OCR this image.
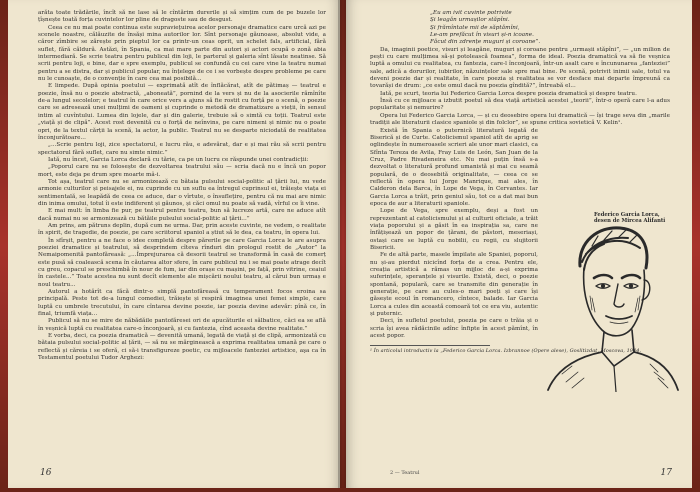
arăta toate trădările, încît să ne lase să le cîntărim durerile și să simțim cum de pe buzele lor țîșnește toată forța cuvintelor lor pline de dragoste sau de desgust.

Ceea ce nu mai poate continua este supraviețuirea acelor personaje dramatice care urcă azi pe scenele noastre, călăuzite de însăși mina autorilor lor. Sînt personaje găunoase, absolut vide, a căror zîmbire se zărește prin pieptul lor ca printr-un ceas oprit, un schelet fals, artificial, fără suflet, fără căldură. Astăzi, în Spania, ca mai mare parte din autori și actori ocupă o zonă abia intermediară. Se scrie teatru pentru publicul din loji, le parterul și galeria sînt lăsate neatinse. Să scrii pentru loji, e bine, dar e spre exemplu, publicul se confundă cu cei care vine la teatru numai pentru a se distra, dar și publicul popular, nu înțelege de ce i se vorbește despre probleme pe care nu le cunoaște, de o convenție în care cea mai posibilă...

E limpede. După opinia poetului — exprimată atît de înflăcărat, atît de pătimaș — teatrul e poezie, însă nu o poezie abstractă, „aboneată”, pornind de la vers și nu de la asocierile rămînîte de-a lungul secolelor; e teatrul în care orice vers a ajuns să fie rostit cu forță pe o scenă, o poezie care se adresează unei mulțimi de oameni și cuprinde o metodă de dramatizare a vieții, în sensul intim al cuvîntului. Lumea din lojele, dar și din galerie, trebuie să o simtă cu toții. Teatrul este „viață și de clipă”. Acest rost devenită cu o forță de neînvins, pe care nimeni și nimic nu o poate opri, de la textul cărții la scenă, la actor, la public. Teatrul nu se desparte niciodată de realitatea înconjurătoare...

„...Scrie pentru loji, zice spectatorul, e lucru rău, e adevărat, dar e și mai rău să scrii pentru spectatorul fără suflet, care nu simte nimic.”

Iată, nu încet, Garcia Lorca declară cu tărie, ca pe un lucru ce răspunde unei contradicții:

„Poporul care nu se folosește de dezvoltarea teatrului său — scria dacă nu e încă un popor mort, este deja pe drum spre moarte mâ-i.

Tot așa, teatrul care nu se armonizează cu bătaia pulsului social-politic al țării lui, nu vede armonie culturilor și peisajele ei, nu cuprinde cu un suflu ea întregul cuprinsul ei, trăiește viața ei sentimentală, se leapădă de ceea ce aduce, dar o vîrtute, o însuflețire, pentru că nu mai are nimic din inima omului, totul îi este indiferent și găunos, și căci omul nu poate să vadă, vîrful ce îi vine.

E mai mult: în limba fie pur, pe teatrul pentru teatru, bun să lucreze artă, care ne aduce atît dacă numai nu se armonizează cu bătăile pulsului social-politic al țării...”

Am prins, am pătruns deplin, după cum ne urma. Dar, prin aceste cuvinte, ne vedem, o realitate în spirit, de tragedie, de poezie, pe care scriitorul spaniol a știut să le dea, ca teatru, în opera lui.

În sfîrșit, pentru a ne face o idee completă despre părerile pe care Garcia Lorca le are asupra poeziei dramatice și teatrului, să desprindem cîteva rînduri din prologul rostit de „Autor” la Nemaipomenită pantofăreasă: „...Împrejurarea că desorii teatrul se transformă în casă de comerț este pusă să coalească scena în căutarea altor sfere, în care publicul nu i se mai poate atrage decît cu greu, copacul se preschimbă în nour de fum, iar din orașe cu mașini, pe față, prin vitrine, ceaiul în castele...” Toate acestea nu sunt decît elemente ale mișcării noului teatru, al cărui bun urmaș e noul teatru...

Autorul a hotărît ca făcă dintr-o simplă pantofăreasă cu temperament focos eroina sa principală. Peste tot de-a lungul comediei, trăiește și respiră imaginea unei femei simple, care luptă cu umbrele trecutului, în care cîntarea devine poezie, iar poezia devine adevăr: pînă ce, în final, triumfă viața...

Publicul să nu se mire de năbădăile pantofăresei ori de apucăturile ei sălbatice, căci ea se află în veșnică luptă cu realitatea care-o înconjoară, și cu fantezia, cînd aceasta devine realitate.”

E vorba, deci, ca poezia dramatică — devenită umană, legată de viață și de clipă, armonizată cu bătaia pulsului social-politic al țării, — să nu se mărginească a exprima realitatea umană pe care o reflectă și căreia i se oferă, ci să-i transfigureze poetic, cu mijloacele fanteziei artistice, aşa ca în Testamentul poetului Tudor Arghezi:

16
„Eu am ivit cuvinte potrivite
Și leagăn urmașilor stăpîni.
Și frămîntate mii de săptămîni,
Le-am prefăcut în visuri și-n icoane.
Făcut din zdrențe muguri și coroane”.

Da, imaginii poetice, visuri și leagăne, muguri și coroane pentru „urmașii stăpîni”, — „un milion de pești cu care mulțimea să-și potolească foamea”, forma de ideal. Poezia dramatică va să fie veșnica luptă a omului cu realitatea, cu fantezia, care-l înconjoară, într-un asalt care e încununarea „fanteziei” sale, adică a dorurilor, iubirilor, năzuințelor sale spre mai bine. Pe scenă, potrivit inimii sale, totul va deveni poezie dar și realitate, în care poezia și realitatea se vor desface mai departe împreună ca tovarăși de drum: „ce este omul dacă nu poezia gîndită?”, întreabă el...

Iată, pe scurt, teoria lui Federico Garcia Lorca despre poezia dramatică și despre teatru.

Însă cu ce mijloace a izbutit poetul să dea viață artistică acestei „teorii”, într-o operă care l-a adus popularitate și nemurire?

Opera lui Federico Garcia Lorca, — și cu deosebire opera lui dramatică — își trage seva din „marile tradiții ale literaturii clasice spaniole și din folclor”, se spune critica sovietică V. Kelin¹.

Există în Spania o puternică literatură legată de Biserică și de Curte. Catolicismul spaniol atît de aprig se oglindește în numeroasele scrieri ale unor mari clasici, ca Sfînta Tereza de Avila, Fray Luis de León, San Juan de la Cruz, Padre Rivadeneira etc. Nu mai puțin însă s-a dezvoltat o literatură profund umanistă și mai cu seamă populară, de o deosebită originalitate, — ceea ce se reflectă în opera lui Jorge Manrique, mai ales, în Calderon dela Barca, în Lope de Vega, în Cervantes. Iar Garcia Lorca a trăit, prin geniul său, tot ce a dat mai bun epoca de aur a literaturii spaniole.

Lope de Vega, spre exemplu, deși a fost un reprezentant al catolicismului și al culturii oficiale, a trăit viața poporului și a găsit în ea inspirația sa, care ne înfățișează un popor de țărani, de păstori, meseriași, ostași care se luptă cu nobilii, cu regii, cu slujitorii Bisericii.

Fe de altă parte, masele împilate ale Spaniei, poporul, nu și-au pierdut nicicînd forța de a crea. Pentru ele, creația artistică a rămas un mijloc de a-și exprima suferințele, speranțele și visurile. Există, deci, o poezie spontană, populară, care se transmite din generație în generație, pe care au cules-o mari poeți și care își găsește ecoul în romancero, cîntece, balade. Iar Garcia Lorca a cules din această comoară tot ce era viu, autentic și puternic.

Deci, în sufletul poetului, poezia pe care o trăia și o scria își avea rădăcinile adînc înfipte în acest pămînt, în acest popor.

¹ În articolul introductiv la „Federico Garcia Lorca. Izbrannoe (Opere alese), Goslitizdat, Moscova, 1944.
Federico Garcia Lorca, desen de Mircea Alifanti
2 — Teatrul	17
